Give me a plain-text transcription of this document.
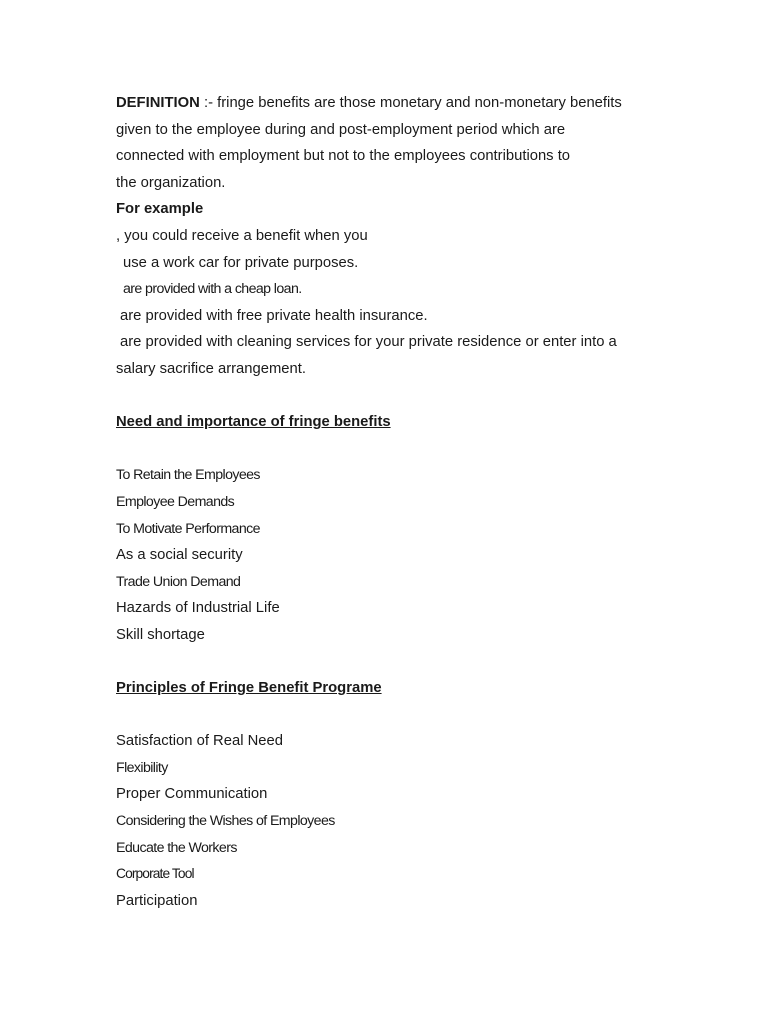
DEFINITION :- fringe benefits are those monetary and non-monetary benefits
given to the employee during and post-employment period which are
connected with employment but not to the employees contributions to
the organization.
For example
, you could receive a benefit when you
use a work car for private purposes.
are provided with a cheap loan.
are provided with free private health insurance.
are provided with cleaning services for your private residence or enter into a
salary sacrifice arrangement.
Need and importance of fringe benefits
To Retain the Employees
Employee Demands
To Motivate Performance
As a social security
Trade Union Demand
Hazards of Industrial Life
Skill shortage
Principles of Fringe Benefit Programe
Satisfaction of Real Need
Flexibility
Proper Communication
Considering the Wishes of Employees
Educate the Workers
Corporate Tool
Participation
